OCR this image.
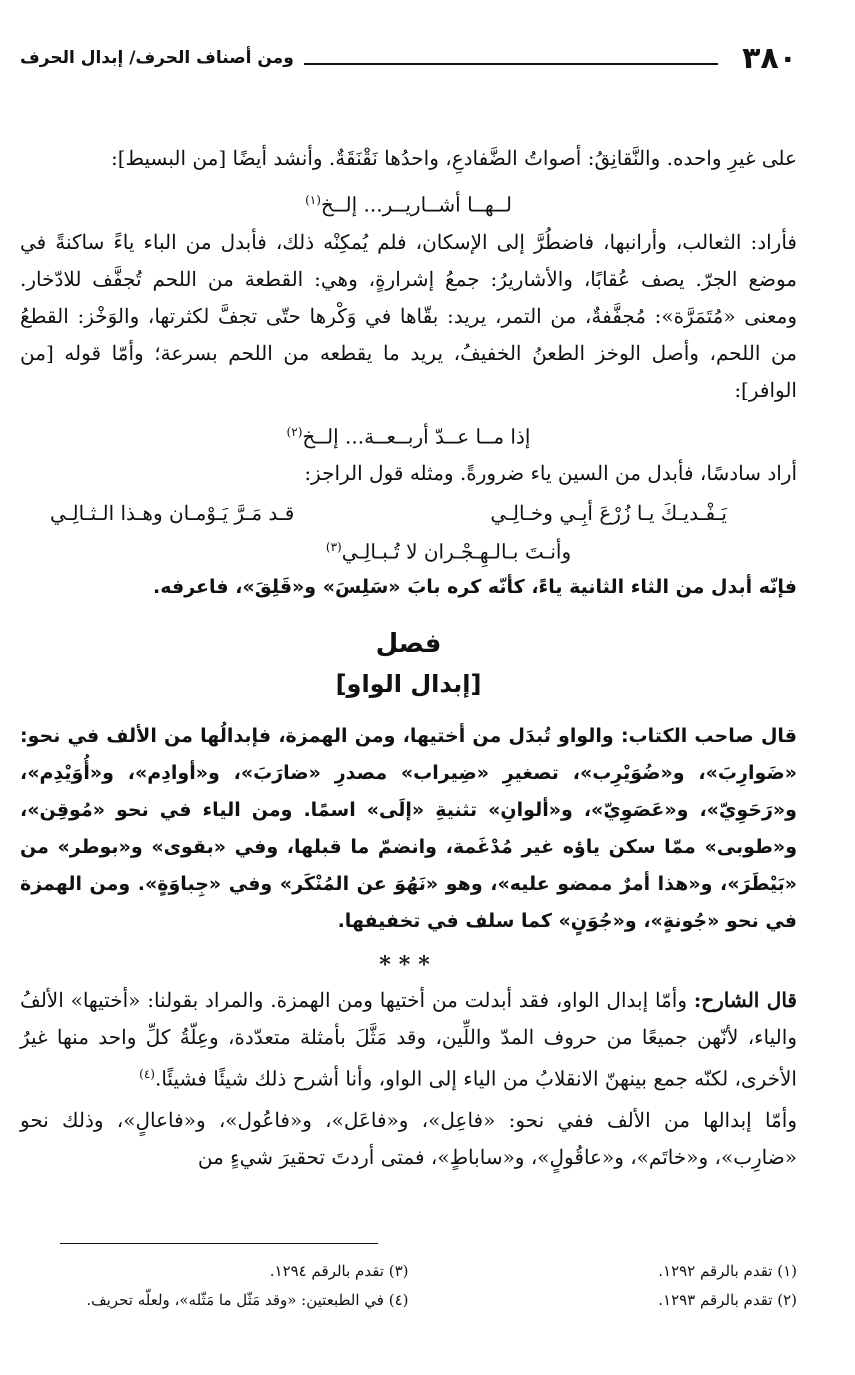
٣٨٠
ومن أصناف الحرف/ إبدال الحرف

على غيرِ واحده. والنَّقانِقُ: أصواتُ الضَّفادعِ، واحدُها نَقْنَقَةٌ. وأنشد أيضًا [من البسيط]:

لــهــا أشــاريــر... إلــخ$^{(١)}$

فأراد: الثعالب، وأرانبها، فاضطُرَّ إلى الإسكان، فلم يُمكِنْه ذلك، فأبدل من الباء ياءً ساكنةً في موضع الجرّ. يصف عُقابًا، والأشاريرُ: جمعُ إشرارةٍ، وهي: القطعة من اللحم تُجفَّف للادّخار. ومعنى «مُتَمَرَّة»: مُجفَّفةٌ، من التمر، يريد: بقّاها في وَكْرها حتّى تجفَّ لكثرتها، والوَخْز: القطعُ من اللحم، وأصل الوخز الطعنُ الخفيفُ، يريد ما يقطعه من اللحم بسرعة؛ وأمّا قوله [من الوافر]:

إذا مــا عــدّ أربــعــة... إلــخ$^{(٢)}$

أراد سادسًا، فأبدل من السين ياء ضرورةً. ومثله قول الراجز:

يَـفْـديـكَ يـا زُرْعَ أبِـي وخـالِـي
قـد مَـرَّ يَـوْمـان وهـذا الـثـالِـي
وأنـتَ بـالـهِـجْـران لا تُـبـالِـي$^{(٣)}$

فإنّه أبدل من الثاء الثانية ياءً، كأنّه كره بابَ «سَلِسَ» و«قَلِقَ»، فاعرفه.

فصل
[إبدال الواو]

قال صاحب الكتاب: والواو تُبدَل من أختيها، ومن الهمزة، فإبدالُها من الألف في نحو: «ضَوارِبَ»، و«ضُوَيْرِب»، تصغيرِ «ضِيراب» مصدرِ «ضارَبَ»، و«أوادِم»، و«أُوَيْدِم»، و«رَحَوِيّ»، و«عَصَوِيّ»، و«ألوانِ» تثنيةِ «إلَى» اسمًا. ومن الياء في نحو «مُوقِن»، و«طوبى» ممّا سكن ياؤه غير مُدْغَمة، وانضمّ ما قبلها، وفي «بقوى» و«بوطر» من «بَيْطَرَ»، و«هذا أمرٌ ممضو عليه»، وهو «نَهُوَ عن المُنْكَر» وفي «جِباوَةٍ». ومن الهمزة في نحو «جُونةٍ»، و«جُوَنٍ» كما سلف في تخفيفها.

***

قال الشارح: وأمّا إبدال الواو، فقد أبدلت من أختيها ومن الهمزة. والمراد بقولنا: «أختيها» الألفُ والياء، لأنّهن جميعًا من حروف المدّ واللِّين، وقد مَثَّلَ بأمثلة متعدّدة، وعِلّةُ كلِّ واحد منها غيرُ الأخرى، لكنّه جمع بينهنّ الانقلابُ من الياء إلى الواو، وأنا أشرح ذلك شيئًا فشيئًا.$^{(٤)}$

وأمّا إبدالها من الألف ففي نحو: «فاعِل»، و«فاعَل»، و«فاعُول»، و«فاعالٍ»، وذلك نحو «ضارِب»، و«خاتَم»، و«عاقُولٍ»، و«ساباطٍ»، فمتى أردتَ تحقيرَ شيءٍ من

(١) تقدم بالرقم ١٢٩٢.
(٣) تقدم بالرقم ١٢٩٤.
(٢) تقدم بالرقم ١٢٩٣.
(٤) في الطبعتين: «وقد مَثّل ما مَثّله»، ولعلّه تحريف.
